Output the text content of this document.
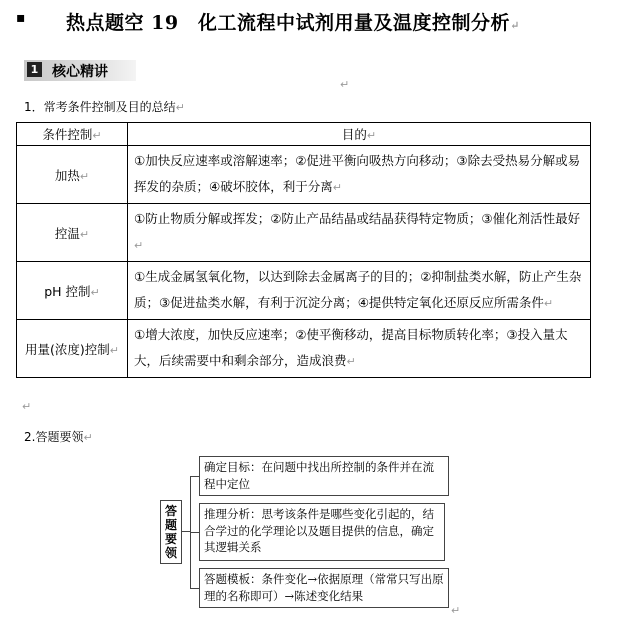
▪ 热点题空 19　化工流程中试剂用量及温度控制分析↵
1 核心精讲
↵
1．常考条件控制及目的总结↵
条件控制↵	目的↵
加热↵	①加快反应速率或溶解速率；②促进平衡向吸热方向移动；③除去受热易分解或易挥发的杂质；④破坏胶体，利于分离↵
控温↵	①防止物质分解或挥发；②防止产品结晶或结晶获得特定物质；③催化剂活性最好↵
pH 控制↵	①生成金属氢氧化物，以达到除去金属离子的目的；②抑制盐类水解，防止产生杂质；③促进盐类水解，有利于沉淀分离；④提供特定氧化还原反应所需条件↵
用量(浓度)控制↵	①增大浓度，加快反应速率；②使平衡移动，提高目标物质转化率；③投入量太大，后续需要中和剩余部分，造成浪费↵
↵
2.答题要领↵
答题要领
确定目标：在问题中找出所控制的条件并在流程中定位
推理分析：思考该条件是哪些变化引起的，结合学过的化学理论以及题目提供的信息，确定其逻辑关系
答题模板：条件变化→依据原理（常常只写出原理的名称即可）→陈述变化结果
↵
